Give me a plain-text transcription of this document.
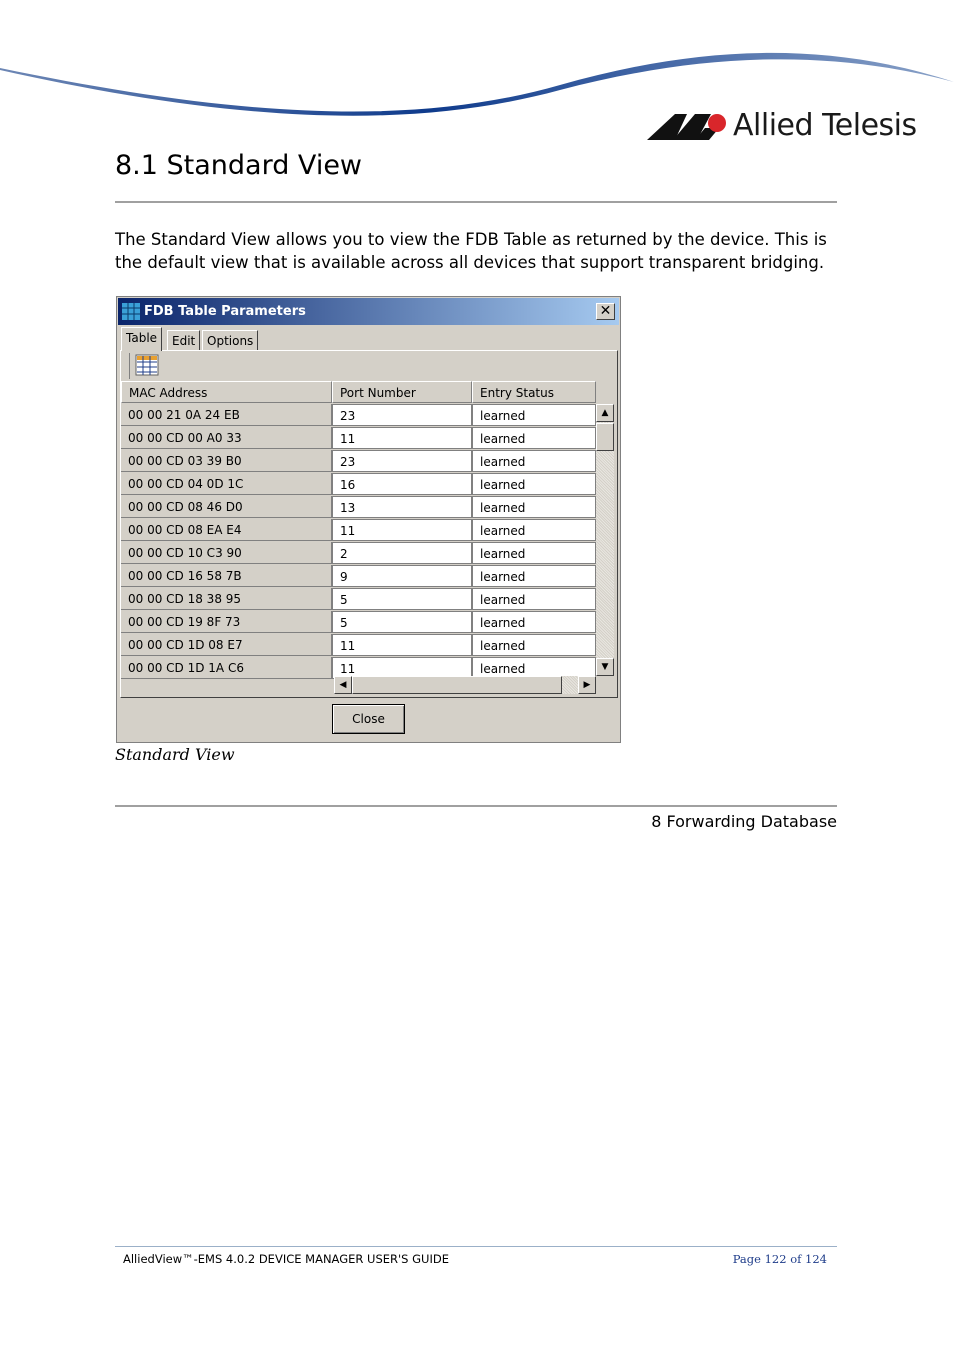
Allied Telesis
8.1 Standard View
The Standard View allows you to view the FDB Table as returned by the device. This is the default view that is available across all devices that support transparent bridging.
FDB Table Parameters	✕
Table	Edit Options
MAC Address	Port Number	Entry Status
00 00 21 0A 24 EB	23	learned
00 00 CD 00 A0 33	11	learned
00 00 CD 03 39 B0	23	learned
00 00 CD 04 0D 1C	16	learned
00 00 CD 08 46 D0	13	learned
00 00 CD 08 EA E4	11	learned
00 00 CD 10 C3 90	2	learned
00 00 CD 16 58 7B	9	learned
00 00 CD 18 38 95	5	learned
00 00 CD 19 8F 73	5	learned
00 00 CD 1D 08 E7	11	learned
00 00 CD 1D 1A C6	11	learned
▲
▼
◀	▶
Close
Standard View
8 Forwarding Database
AlliedView™-EMS 4.0.2 DEVICE MANAGER USER'S GUIDE	Page 122 of 124
